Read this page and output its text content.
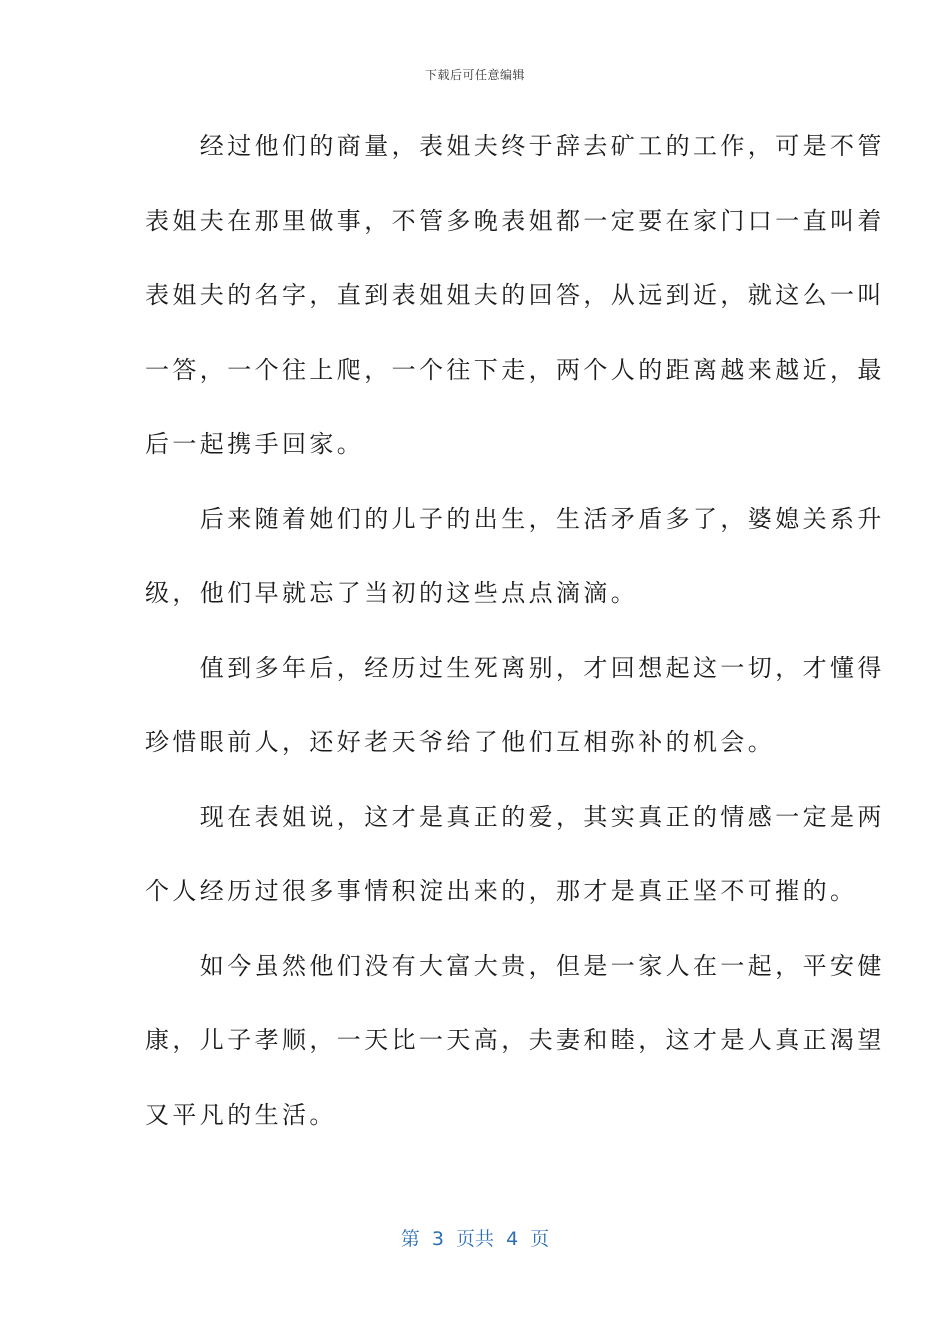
下载后可任意编辑
　　经过他们的商量，表姐夫终于辞去矿工的工作，可是不管
表姐夫在那里做事，不管多晚表姐都一定要在家门口一直叫着
表姐夫的名字，直到表姐姐夫的回答，从远到近，就这么一叫
一答，一个往上爬，一个往下走，两个人的距离越来越近，最
后一起携手回家。
　　后来随着她们的儿子的出生，生活矛盾多了，婆媳关系升
级，他们早就忘了当初的这些点点滴滴。
　　值到多年后，经历过生死离别，才回想起这一切，才懂得
珍惜眼前人，还好老天爷给了他们互相弥补的机会。
　　现在表姐说，这才是真正的爱，其实真正的情感一定是两
个人经历过很多事情积淀出来的，那才是真正坚不可摧的。
　　如今虽然他们没有大富大贵，但是一家人在一起，平安健
康，儿子孝顺，一天比一天高，夫妻和睦，这才是人真正渴望
又平凡的生活。
第  3  页共  4  页
